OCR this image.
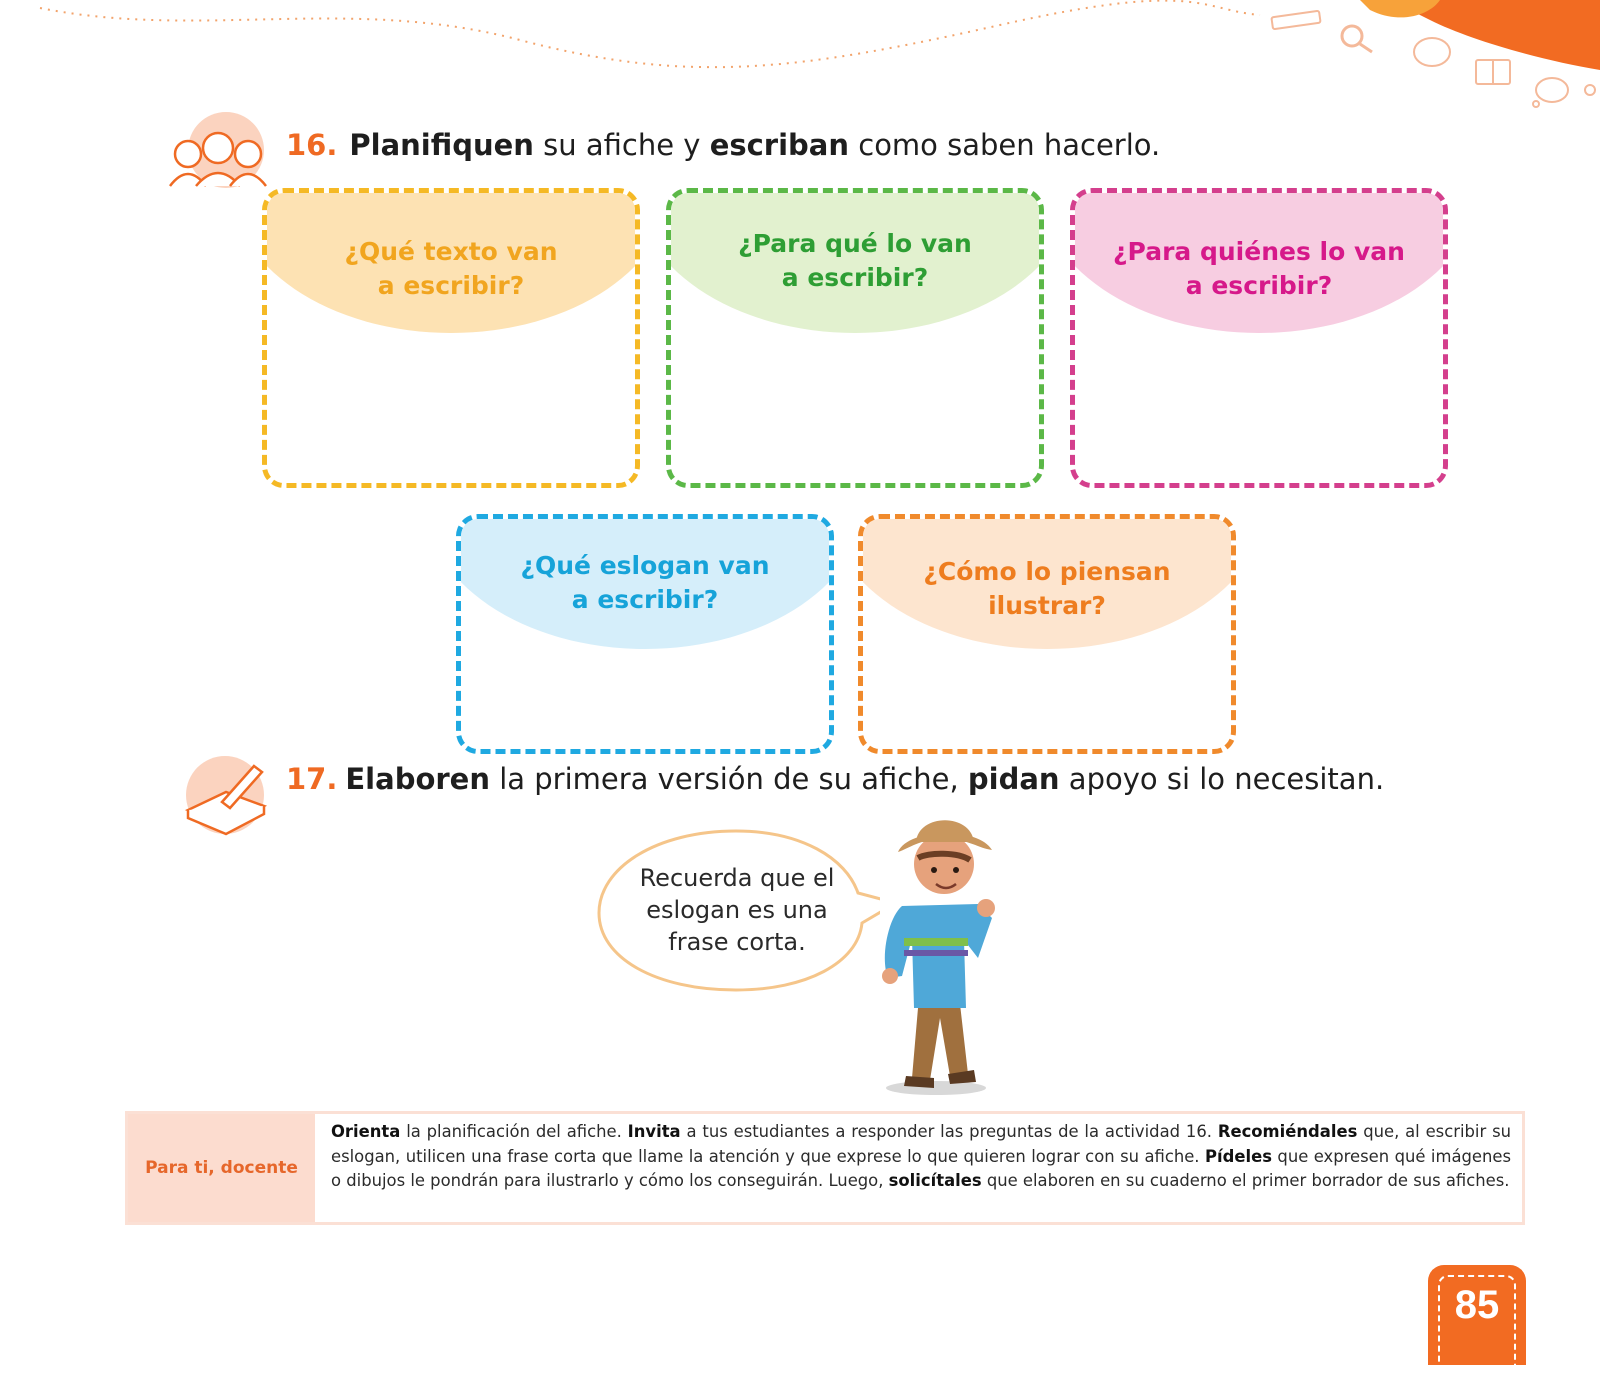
16. Planifiquen su afiche y escriban como saben hacerlo.
¿Qué texto van
a escribir?
¿Para qué lo van
a escribir?
¿Para quiénes lo van
a escribir?
¿Qué eslogan van
a escribir?
¿Cómo lo piensan
ilustrar?
17. Elaboren la primera versión de su afiche, pidan apoyo si lo necesitan.
Recuerda que el
eslogan es una
frase corta.
Para ti, docente
Orienta la planificación del afiche. Invita a tus estudiantes a responder las preguntas de la actividad 16. Recomiéndales que, al escribir su eslogan, utilicen una frase corta que llame la atención y que exprese lo que quieren lograr con su afiche. Pídeles que expresen qué imágenes o dibujos le pondrán para ilustrarlo y cómo los conseguirán. Luego, solicítales que elaboren en su cuaderno el primer borrador de sus afiches.
85
